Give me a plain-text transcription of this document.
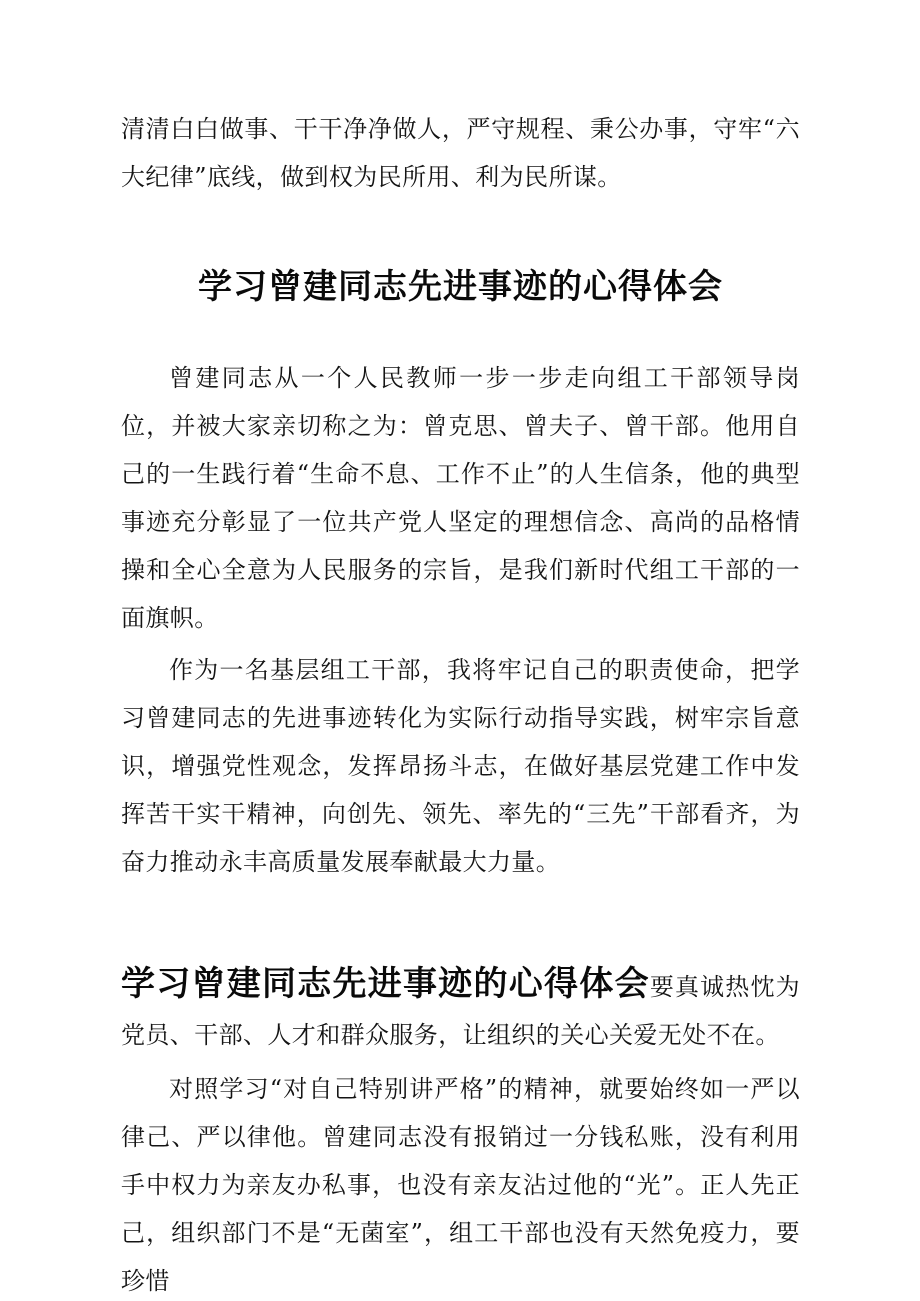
清清白白做事、干干净净做人，严守规程、秉公办事，守牢“六大纪律”底线，做到权为民所用、利为民所谋。

学习曾建同志先进事迹的心得体会

曾建同志从一个人民教师一步一步走向组工干部领导岗位，并被大家亲切称之为：曾克思、曾夫子、曾干部。他用自己的一生践行着“生命不息、工作不止”的人生信条，他的典型事迹充分彰显了一位共产党人坚定的理想信念、高尚的品格情操和全心全意为人民服务的宗旨，是我们新时代组工干部的一面旗帜。

作为一名基层组工干部，我将牢记自己的职责使命，把学习曾建同志的先进事迹转化为实际行动指导实践，树牢宗旨意识，增强党性观念，发挥昂扬斗志，在做好基层党建工作中发挥苦干实干精神，向创先、领先、率先的“三先”干部看齐，为奋力推动永丰高质量发展奉献最大力量。

学习曾建同志先进事迹的心得体会要真诚热忱为党员、干部、人才和群众服务，让组织的关心关爱无处不在。

对照学习“对自己特别讲严格”的精神，就要始终如一严以律己、严以律他。曾建同志没有报销过一分钱私账，没有利用手中权力为亲友办私事，也没有亲友沾过他的“光”。正人先正己，组织部门不是“无菌室”，组工干部也没有天然免疫力，要珍惜
